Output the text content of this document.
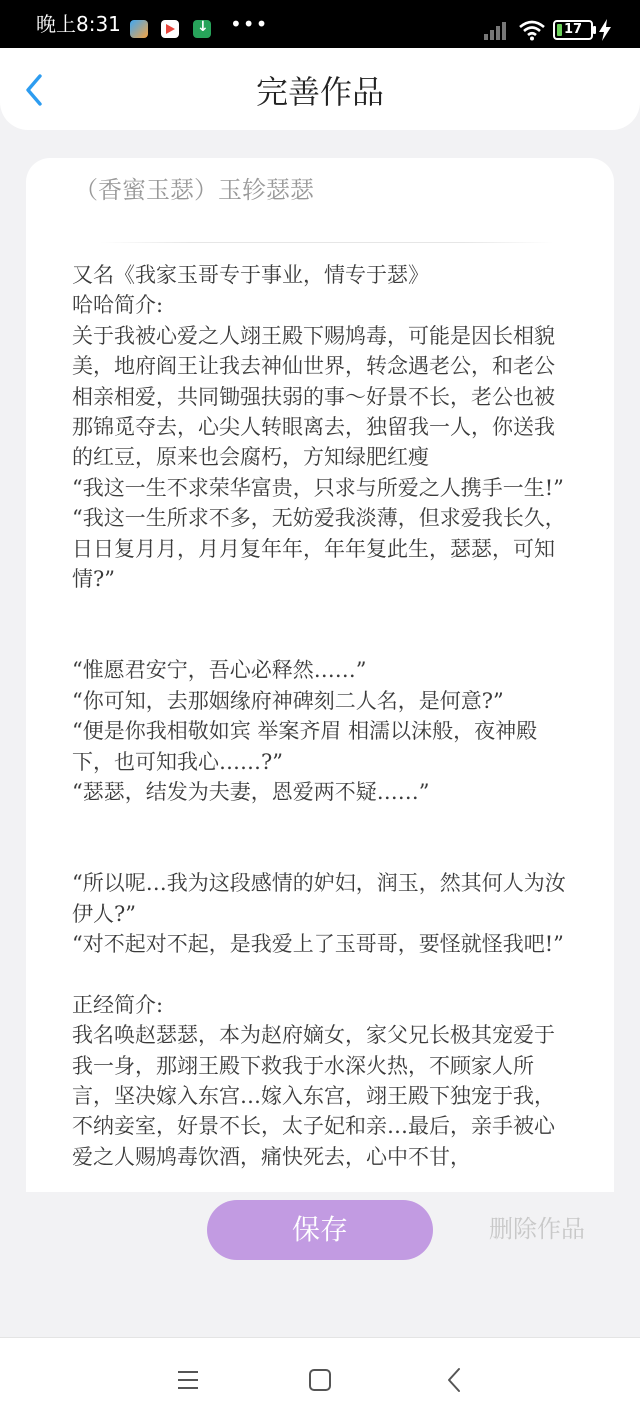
晚上8:31
↓	•••	17
完善作品
（香蜜玉瑟）玉轸瑟瑟
又名《我家玉哥专于事业，情专于瑟》
哈哈简介:
关于我被心爱之人翊王殿下赐鸠毒，可能是因长相貌美，地府阎王让我去神仙世界，转念遇老公，和老公相亲相爱，共同锄强扶弱的事～好景不长，老公也被那锦觅夺去，心尖人转眼离去，独留我一人，你送我的红豆，原来也会腐朽，方知绿肥红瘦
“我这一生不求荣华富贵，只求与所爱之人携手一生!”
“我这一生所求不多，无妨爱我淡薄，但求爱我长久，日日复月月，月月复年年，年年复此生，瑟瑟，可知情?”

“惟愿君安宁，吾心必释然……”
“你可知，去那姻缘府神碑刻二人名，是何意?”
“便是你我相敬如宾 举案齐眉 相濡以沫般，夜神殿下，也可知我心……?”
“瑟瑟，结发为夫妻，恩爱两不疑……”

“所以呢…我为这段感情的妒妇，润玉，然其何人为汝伊人?”
“对不起对不起，是我爱上了玉哥哥，要怪就怪我吧!”

正经简介:
我名唤赵瑟瑟，本为赵府嫡女，家父兄长极其宠爱于我一身，那翊王殿下救我于水深火热，不顾家人所言，坚决嫁入东宫…嫁入东宫，翊王殿下独宠于我，不纳妾室，好景不长，太子妃和亲…最后，亲手被心爱之人赐鸠毒饮酒，痛快死去，心中不甘，
保存	删除作品
